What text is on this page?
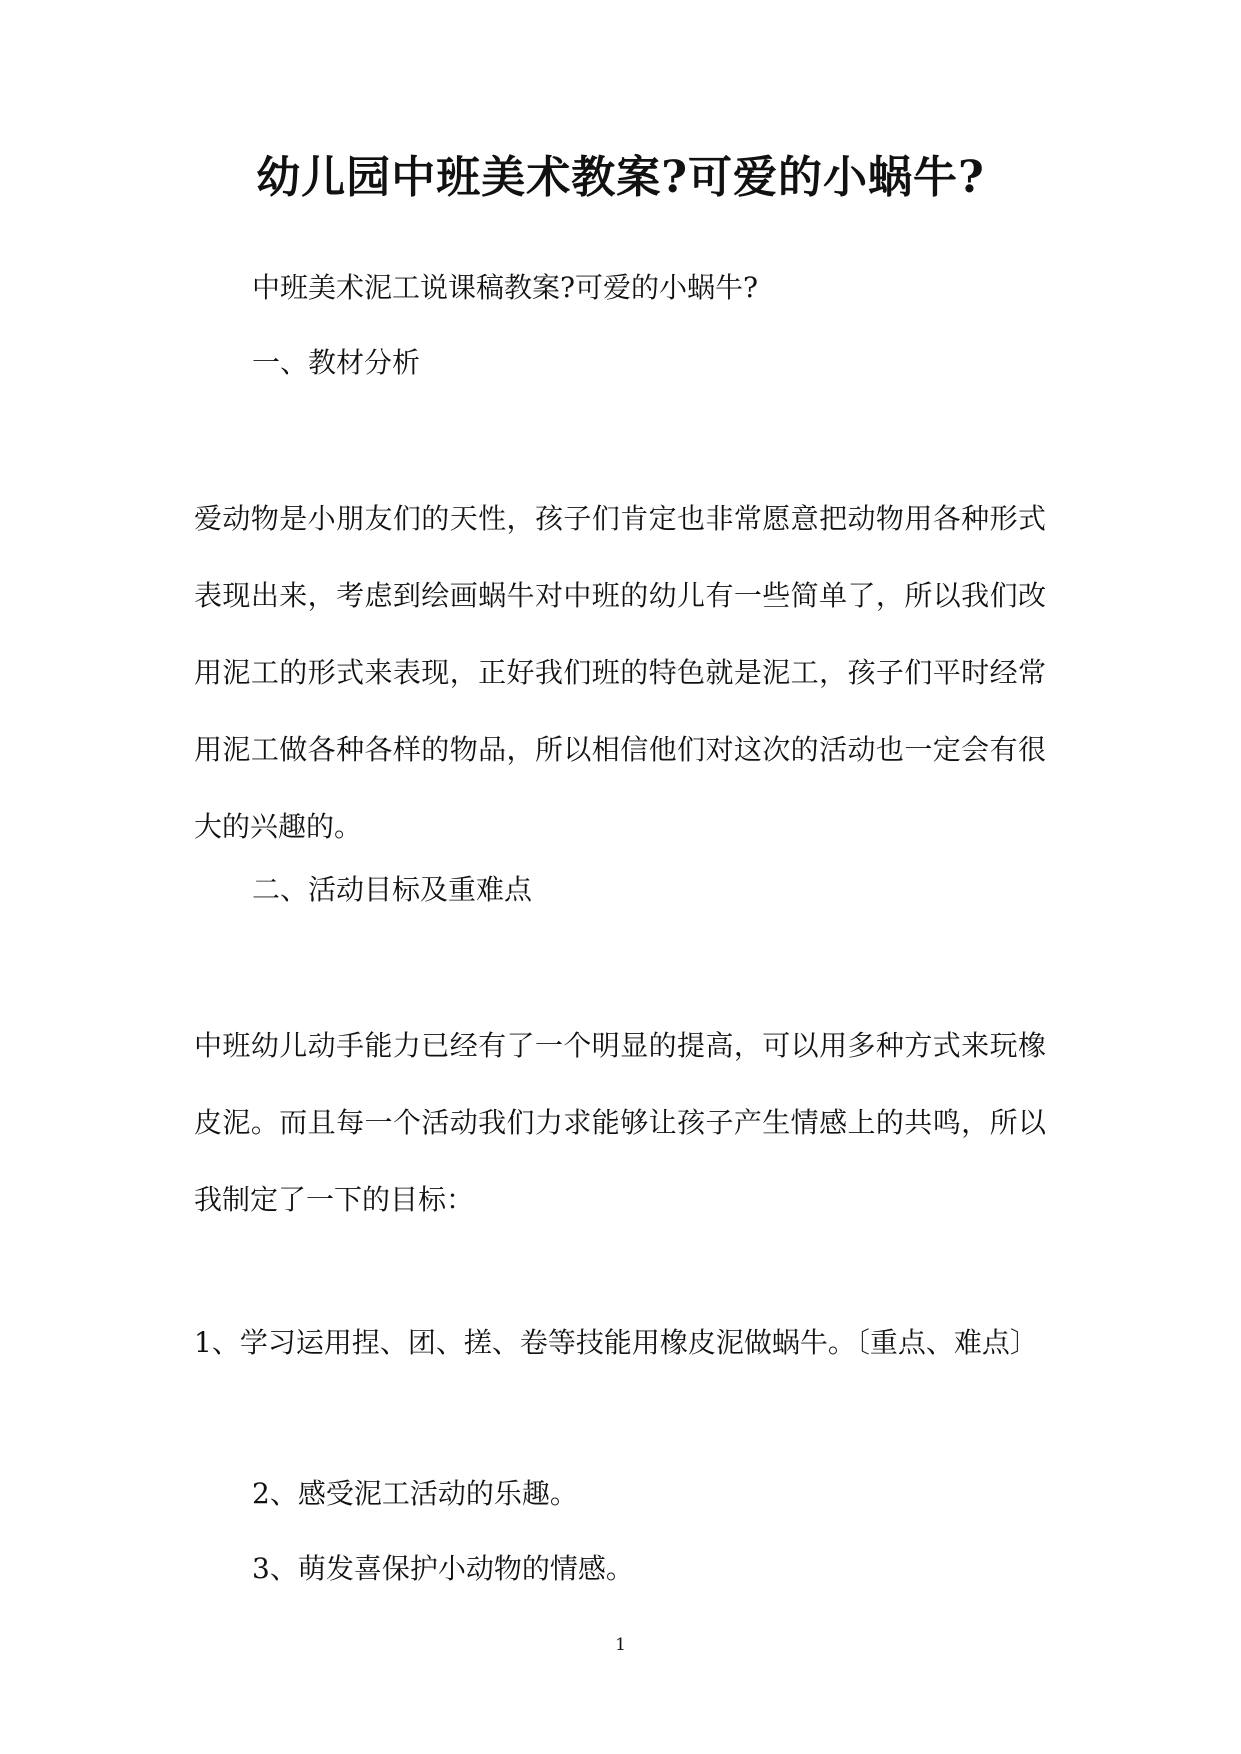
幼儿园中班美术教案?可爱的小蜗牛?
中班美术泥工说课稿教案?可爱的小蜗牛?
一、教材分析
爱动物是小朋友们的天性，孩子们肯定也非常愿意把动物用各种形式表现出来，考虑到绘画蜗牛对中班的幼儿有一些简单了，所以我们改用泥工的形式来表现，正好我们班的特色就是泥工，孩子们平时经常用泥工做各种各样的物品，所以相信他们对这次的活动也一定会有很大的兴趣的。
二、活动目标及重难点
中班幼儿动手能力已经有了一个明显的提高，可以用多种方式来玩橡皮泥。而且每一个活动我们力求能够让孩子产生情感上的共鸣，所以我制定了一下的目标：
1、学习运用捏、团、搓、卷等技能用橡皮泥做蜗牛。〔重点、难点〕
2、感受泥工活动的乐趣。
3、萌发喜保护小动物的情感。
1
